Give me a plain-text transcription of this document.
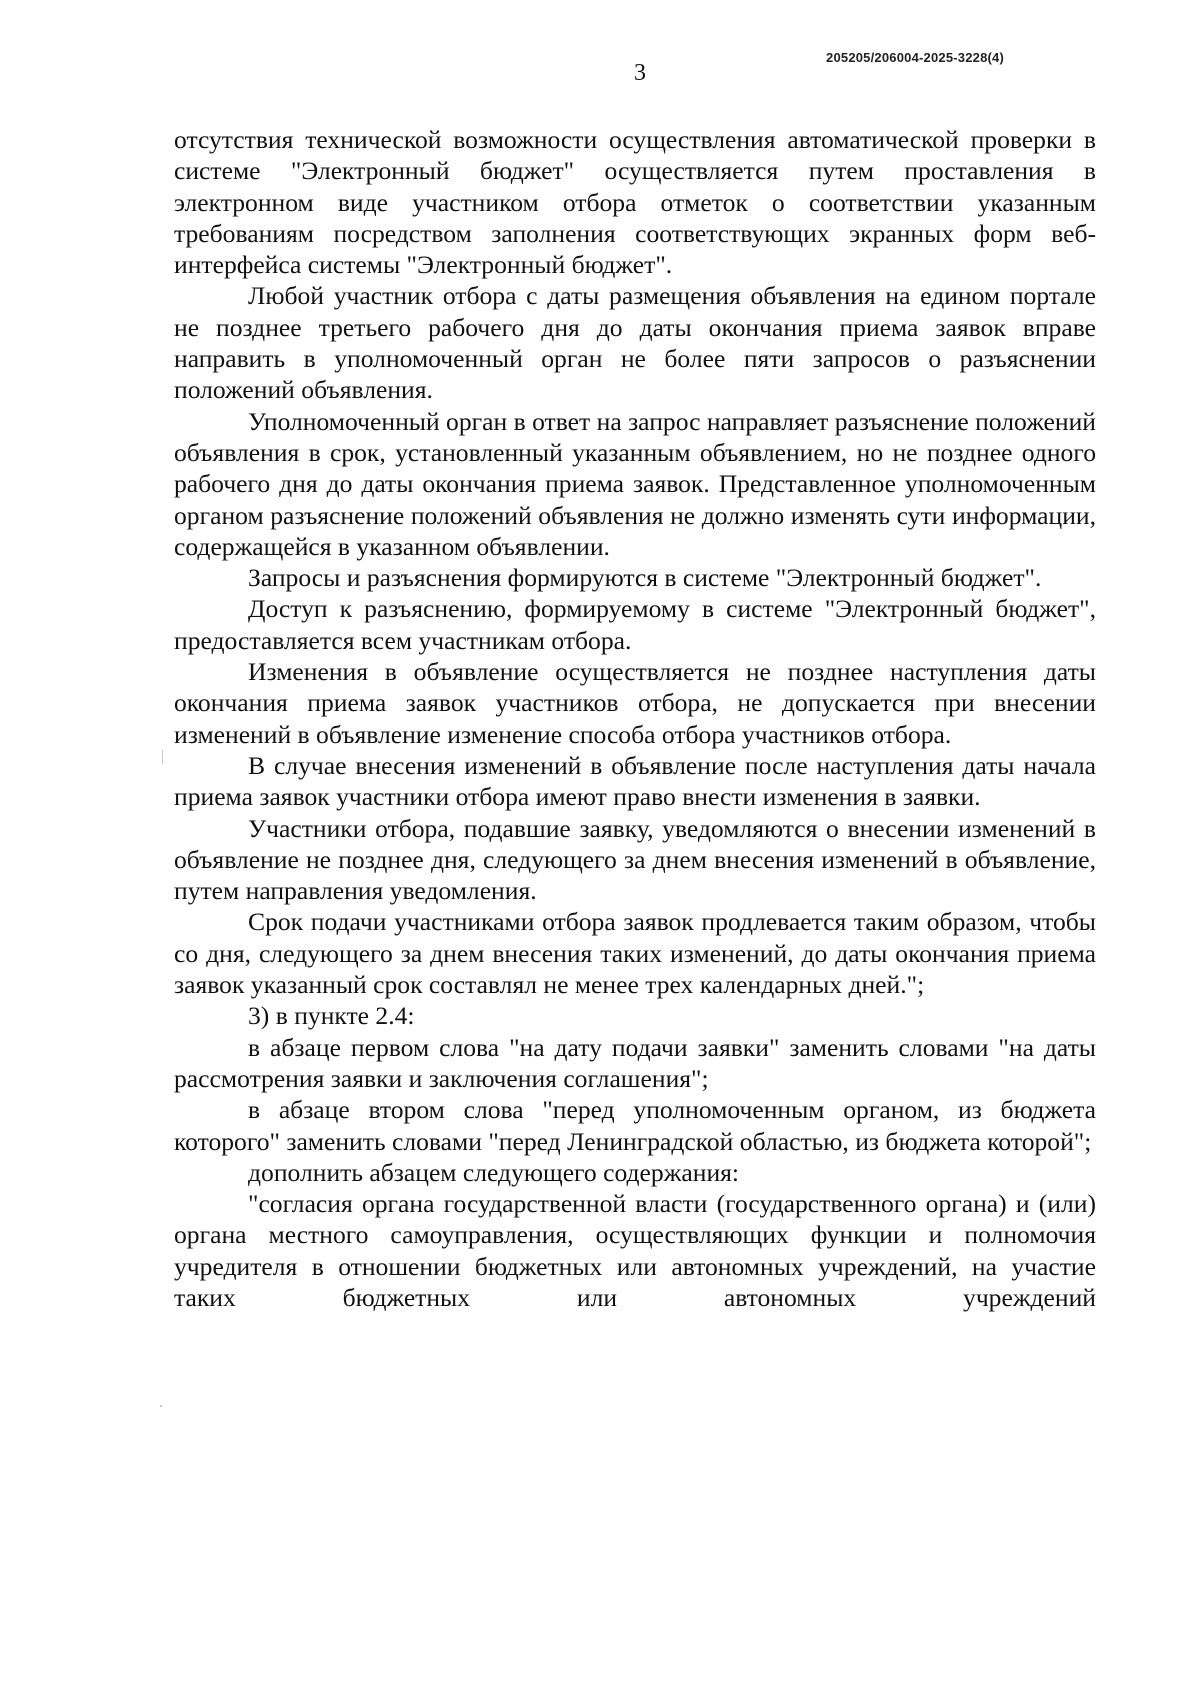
205205/206004-2025-3228(4)
3

отсутствия технической возможности осуществления автоматической проверки в системе "Электронный бюджет" осуществляется путем проставления в электронном виде участником отбора отметок о соответствии указанным требованиям посредством заполнения соответствующих экранных форм веб-интерфейса системы "Электронный бюджет".

Любой участник отбора с даты размещения объявления на едином портале не позднее третьего рабочего дня до даты окончания приема заявок вправе направить в уполномоченный орган не более пяти запросов о разъяснении положений объявления.

Уполномоченный орган в ответ на запрос направляет разъяснение положений объявления в срок, установленный указанным объявлением, но не позднее одного рабочего дня до даты окончания приема заявок. Представленное уполномоченным органом разъяснение положений объявления не должно изменять сути информации, содержащейся в указанном объявлении.

Запросы и разъяснения формируются в системе "Электронный бюджет".

Доступ к разъяснению, формируемому в системе "Электронный бюджет", предоставляется всем участникам отбора.

Изменения в объявление осуществляется не позднее наступления даты окончания приема заявок участников отбора, не допускается при внесении изменений в объявление изменение способа отбора участников отбора.

В случае внесения изменений в объявление после наступления даты начала приема заявок участники отбора имеют право внести изменения в заявки.

Участники отбора, подавшие заявку, уведомляются о внесении изменений в объявление не позднее дня, следующего за днем внесения изменений в объявление, путем направления уведомления.

Срок подачи участниками отбора заявок продлевается таким образом, чтобы со дня, следующего за днем внесения таких изменений, до даты окончания приема заявок указанный срок составлял не менее трех календарных дней.";

3) в пункте 2.4:

в абзаце первом слова "на дату подачи заявки" заменить словами "на даты рассмотрения заявки и заключения соглашения";

в абзаце втором слова "перед уполномоченным органом, из бюджета которого" заменить словами "перед Ленинградской областью, из бюджета которой";

дополнить абзацем следующего содержания:

"согласия органа государственной власти (государственного органа) и (или) органа местного самоуправления, осуществляющих функции и полномочия учредителя в отношении бюджетных или автономных учреждений, на участие таких бюджетных или автономных учреждений
